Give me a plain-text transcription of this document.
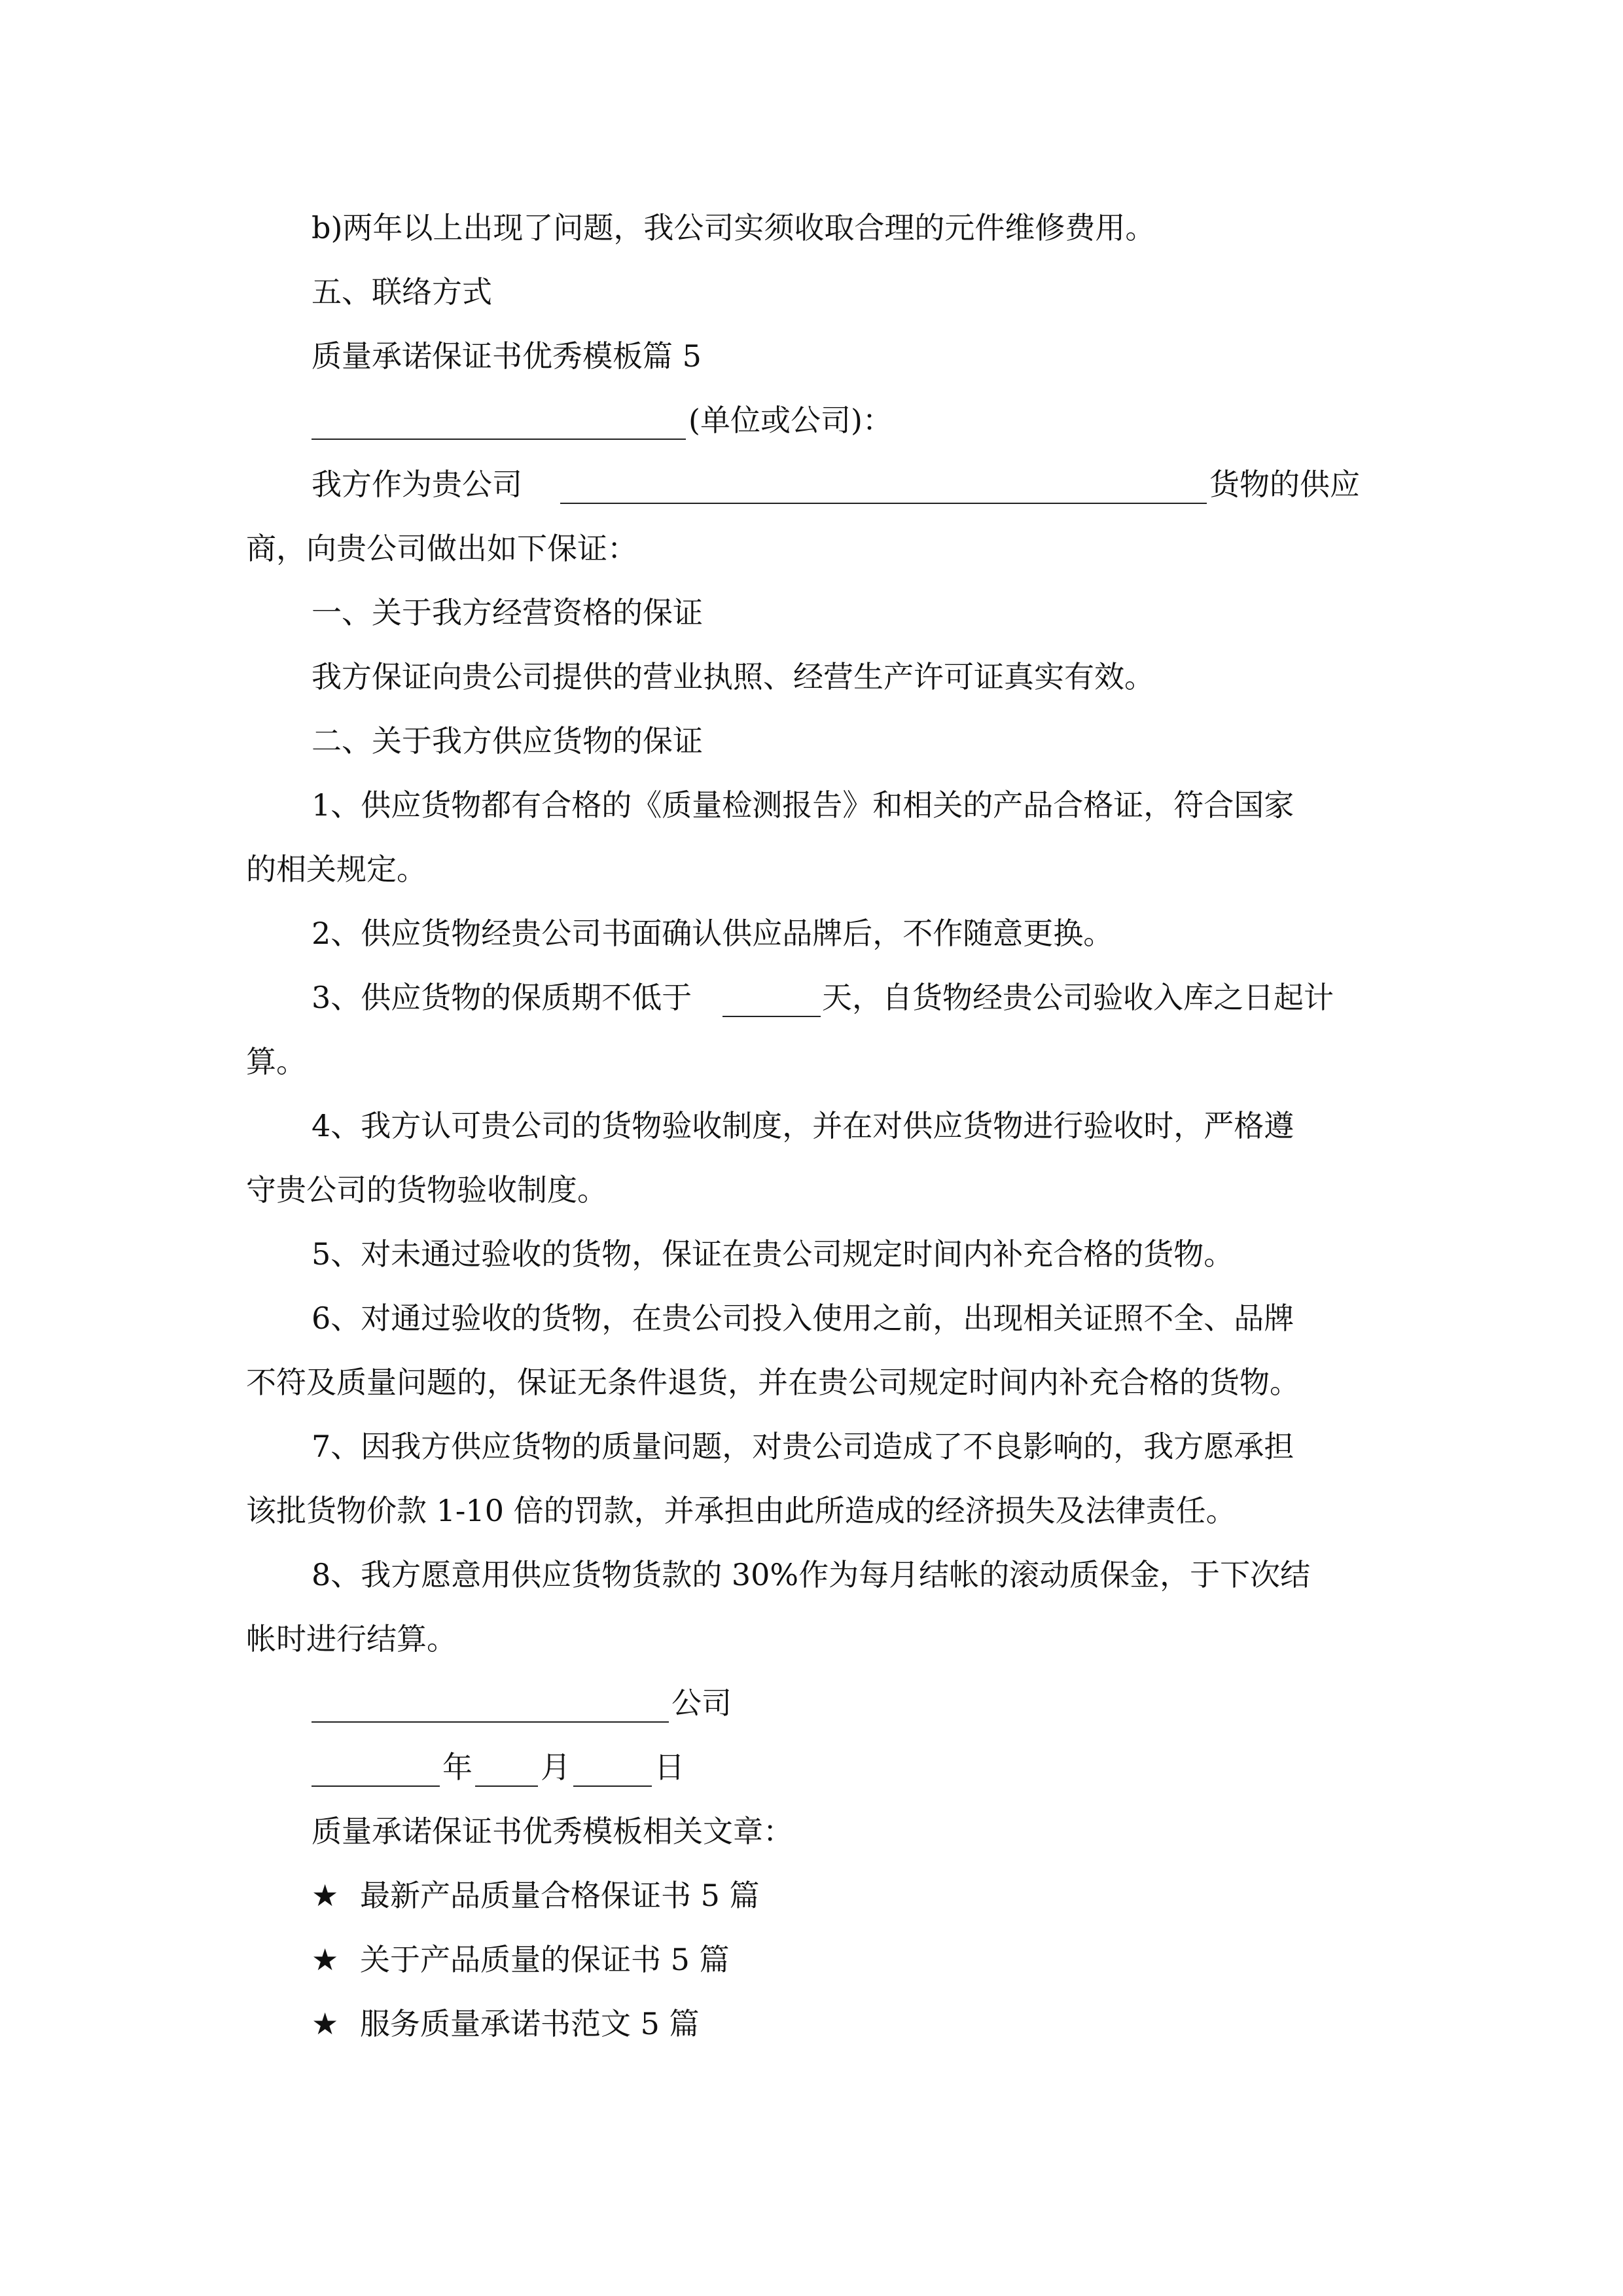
b)两年以上出现了问题，我公司实须收取合理的元件维修费用。
五、联络方式
质量承诺保证书优秀模板篇 5
(单位或公司)：
我方作为贵公司	货物的供应
商，向贵公司做出如下保证：
一、关于我方经营资格的保证
我方保证向贵公司提供的营业执照、经营生产许可证真实有效。
二、关于我方供应货物的保证
1、供应货物都有合格的《质量检测报告》和相关的产品合格证，符合国家
的相关规定。
2、供应货物经贵公司书面确认供应品牌后，不作随意更换。
3、供应货物的保质期不低于	天，自货物经贵公司验收入库之日起计
算。
4、我方认可贵公司的货物验收制度，并在对供应货物进行验收时，严格遵
守贵公司的货物验收制度。
5、对未通过验收的货物，保证在贵公司规定时间内补充合格的货物。
6、对通过验收的货物，在贵公司投入使用之前，出现相关证照不全、品牌
不符及质量问题的，保证无条件退货，并在贵公司规定时间内补充合格的货物。
7、因我方供应货物的质量问题，对贵公司造成了不良影响的，我方愿承担
该批货物价款 1-10 倍的罚款，并承担由此所造成的经济损失及法律责任。
8、我方愿意用供应货物货款的 30%作为每月结帐的滚动质保金，于下次结
帐时进行结算。
公司
年 月	日
质量承诺保证书优秀模板相关文章：
★ 最新产品质量合格保证书 5 篇
★ 关于产品质量的保证书 5 篇
★ 服务质量承诺书范文 5 篇
